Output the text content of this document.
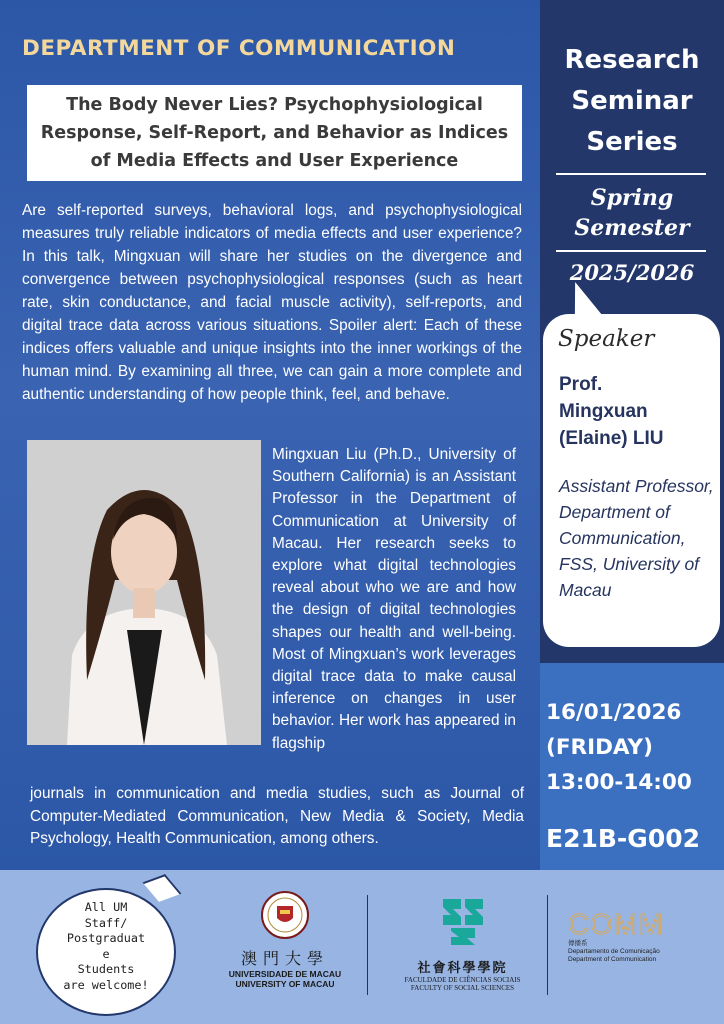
DEPARTMENT OF COMMUNICATION
The Body Never Lies? Psychophysiological Response, Self-Report, and Behavior as Indices of Media Effects and User Experience
Are self-reported surveys, behavioral logs, and psychophysiological measures truly reliable indicators of media effects and user experience? In this talk, Mingxuan will share her studies on the divergence and convergence between psychophysiological responses (such as heart rate, skin conductance, and facial muscle activity), self-reports, and digital trace data across various situations. Spoiler alert: Each of these indices offers valuable and unique insights into the inner workings of the human mind. By examining all three, we can gain a more complete and authentic understanding of how people think, feel, and behave.
Mingxuan Liu (Ph.D., University of Southern California) is an Assistant Professor in the Department of Communication at University of Macau. Her research seeks to explore what digital technologies reveal about who we are and how the design of digital technologies shapes our health and well-being. Most of Mingxuan’s work leverages digital trace data to make causal inference on changes in user behavior. Her work has appeared in flagship
journals in communication and media studies, such as Journal of Computer-Mediated Communication, New Media & Society, Media Psychology, Health Communication, among others.
Research
Seminar
Series
Spring
Semester
2025/2026
Speaker
Prof.
Mingxuan
(Elaine) LIU
Assistant Professor, Department of Communication, FSS, University of Macau
16/01/2026
(FRIDAY)
13:00-14:00
E21B-G002
All UM
Staff/
Postgraduat
e
Students
are welcome!
澳門大學
UNIVERSIDADE DE MACAU
UNIVERSITY OF MACAU
社會科學學院
FACULDADE DE CIÊNCIAS SOCIAIS
FACULTY OF SOCIAL SCIENCES
COMM
傳播系
Departamento de Comunicação
Department of Communication
